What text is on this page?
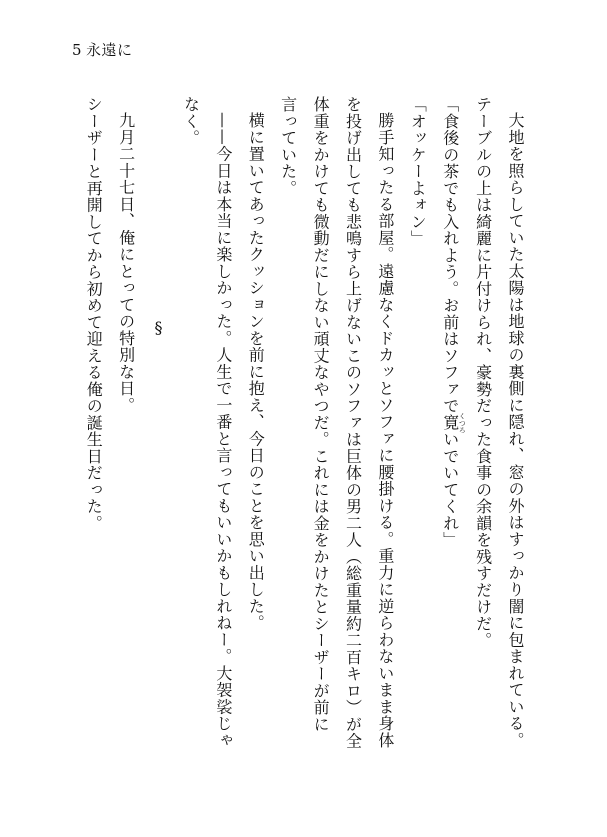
5 永遠に

大地を照らしていた太陽は地球の裏側に隠れ、窓の外はすっかり闇に包まれている。

テーブルの上は綺麗に片付けられ、豪勢だった食事の余韻を残すだけだ。

「食後の茶でも入れよう。お前はソファで寛くつろいでいてくれ」

「オッケーよォン」

勝手知ったる部屋。遠慮なくドカッとソファに腰掛ける。重力に逆らわないまま身体

を投げ出しても悲鳴すら上げないこのソファは巨体の男二人（総重量約二百キロ）が全

体重をかけても微動だにしない頑丈なやつだ。これには金をかけたとシーザーが前に

言っていた。

横に置いてあったクッションを前に抱え、今日のことを思い出した。

——今日は本当に楽しかった。人生で一番と言ってもいいかもしれねー。大袈裟じゃ

なく。

§

九月二十七日、俺にとっての特別な日。

シーザーと再開してから初めて迎える俺の誕生日だった。
